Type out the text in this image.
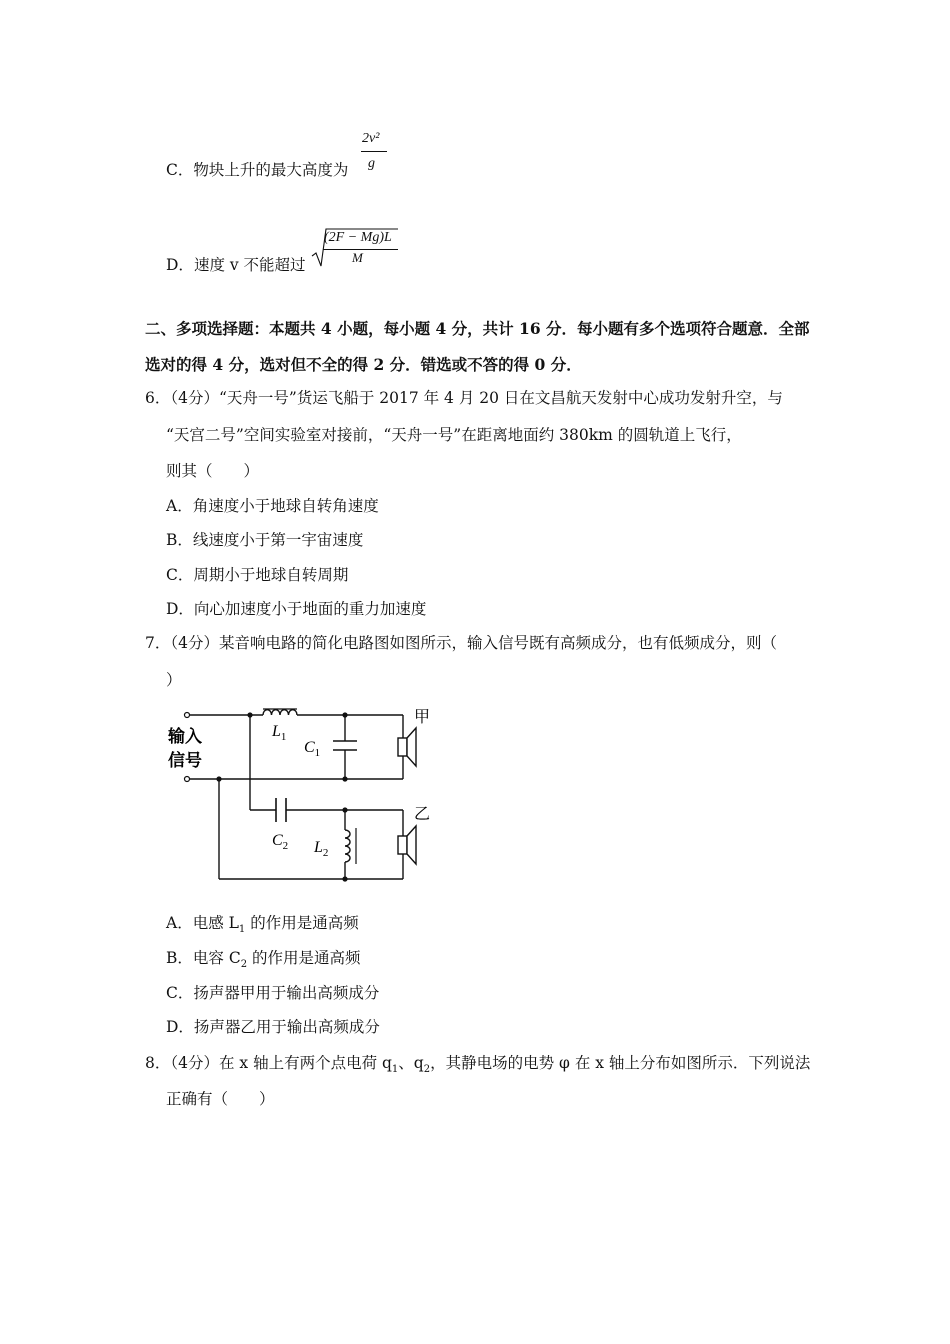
C．物块上升的最大高度为
2v²
g
D．速度 v 不能超过
(2F − Mg)L
M
二、多项选择题：本题共 4 小题，每小题 4 分，共计 16 分．每小题有多个选项符合题意．全部
选对的得 4 分，选对但不全的得 2 分．错选或不答的得 0 分．
6．（4分）“天舟一号”货运飞船于 2017 年 4 月 20 日在文昌航天发射中心成功发射升空，与
“天宫二号”空间实验室对接前，“天舟一号”在距离地面约 380km 的圆轨道上飞行，
则其（　　）
A．角速度小于地球自转角速度
B．线速度小于第一宇宙速度
C．周期小于地球自转周期
D．向心加速度小于地面的重力加速度
7．（4分）某音响电路的简化电路图如图所示，输入信号既有高频成分，也有低频成分，则（
）
输入
信号
$L_1$
$C_1$
$C_2$ $L_2$
甲
乙
A．电感 $L_1$ 的作用是通高频
B．电容 $C_2$ 的作用是通高频
C．扬声器甲用于输出高频成分
D．扬声器乙用于输出高频成分
8．（4分）在 x 轴上有两个点电荷 $q_1$、$q_2$，其静电场的电势 φ 在 x 轴上分布如图所示．下列说法
正确有（　　）
